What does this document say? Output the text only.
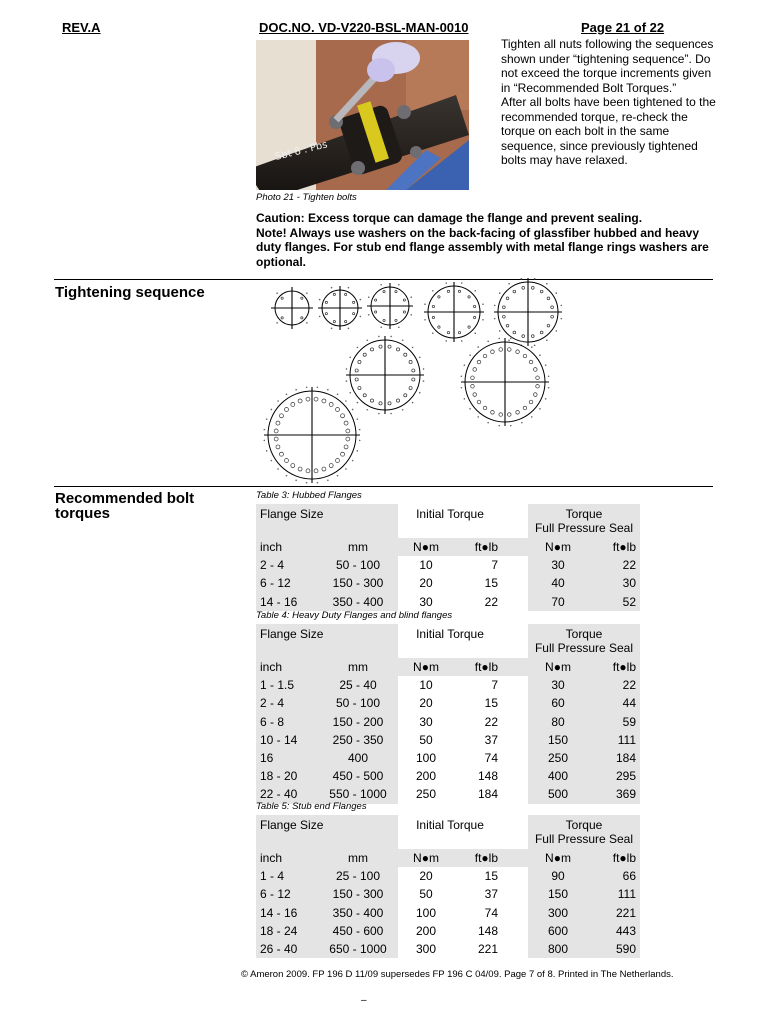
REV.A	DOC.NO. VD-V220-BSL-MAN-0010	Page 21 of 22
Sbt 8 : Pbs
Photo 21 - Tighten bolts
Tighten all nuts following the sequences shown under “tightening sequence”. Do not exceed the torque increments given in “Recommended Bolt Torques.”
After all bolts have been tightened to the recommended torque, re-check the torque on each bolt in the same sequence, since previously tightened bolts may have relaxed.
Caution: Excess torque can damage the flange and prevent sealing.
Note! Always use washers on the back-facing of glassfiber hubbed and heavy duty flanges. For stub end flange assembly with metal flange rings washers are optional.
Tightening sequence
Recommended bolt torques
Table 3: Hubbed Flanges
Flange Size		Initial Torque			Torque
Full Pressure Seal	

inch	mm	N●m	ft●lb		N●m	ft●lb
2 - 4	50 - 100	10	7		30	22
6 - 12	150 - 300	20	15		40	30
14 - 16	350 - 400	30	22		70	52
Table 4: Heavy Duty Flanges and blind flanges
Flange Size		Initial Torque			Torque
Full Pressure Seal	

inch	mm	N●m	ft●lb		N●m	ft●lb
1 - 1.5	25 - 40	10	7		30	22
2 - 4	50 - 100	20	15		60	44
6 - 8	150 - 200	30	22		80	59
10 - 14	250 - 350	50	37		150	111
16	400	100	74		250	184
18 - 20	450 - 500	200	148		400	295
22 - 40	550 - 1000	250	184		500	369
Table 5: Stub end Flanges
Flange Size		Initial Torque			Torque
Full Pressure Seal	

inch	mm	N●m	ft●lb		N●m	ft●lb
1 - 4	25 - 100	20	15		90	66
6 - 12	150 - 300	50	37		150	111
14 - 16	350 - 400	100	74		300	221
18 - 24	450 - 600	200	148		600	443
26 - 40	650 - 1000	300	221		800	590
© Ameron 2009. FP 196 D 11/09 supersedes FP 196 C 04/09. Page 7 of 8. Printed in The Netherlands.
–
